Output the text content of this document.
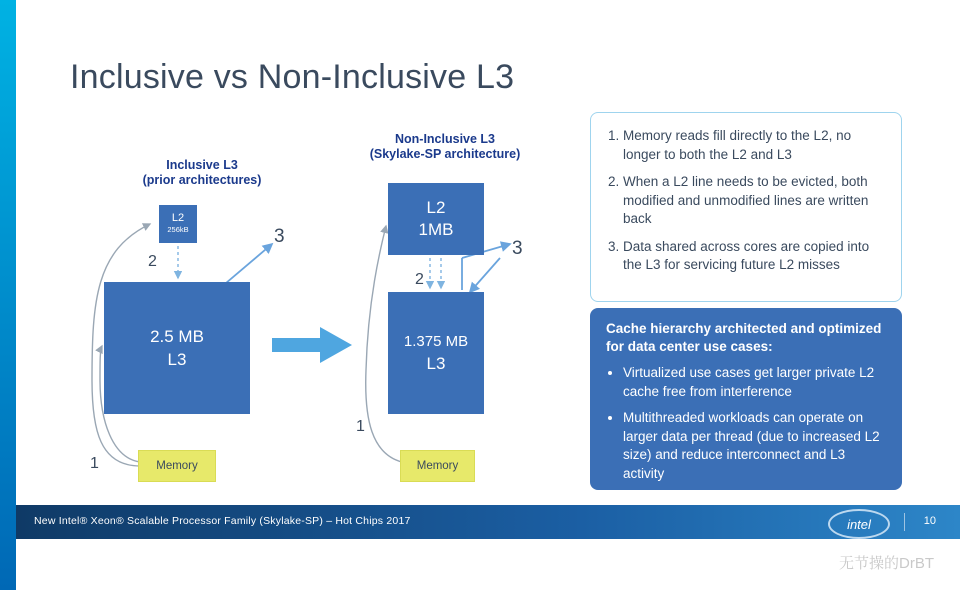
Inclusive vs Non-Inclusive L3
Inclusive L3
(prior architectures)
Non-Inclusive L3
(Skylake-SP architecture)
L2
256kB
2.5 MB
L3
L2
1MB
1.375 MB
L3
Memory	Memory
1
2
3
1
2
3
1. Memory reads fill directly to the L2, no longer to both the L2 and L3
2. When a L2 line needs to be evicted, both modified and unmodified lines are written back
3. Data shared across cores are copied into the L3 for servicing future L2 misses
Cache hierarchy architected and optimized for data center use cases:
• Virtualized use cases get larger private L2 cache free from interference
• Multithreaded workloads can operate on larger data per thread (due to increased L2 size) and reduce interconnect and L3 activity
New Intel® Xeon® Scalable Processor Family (Skylake-SP) – Hot Chips 2017	intel	10
无节操的DrBT
